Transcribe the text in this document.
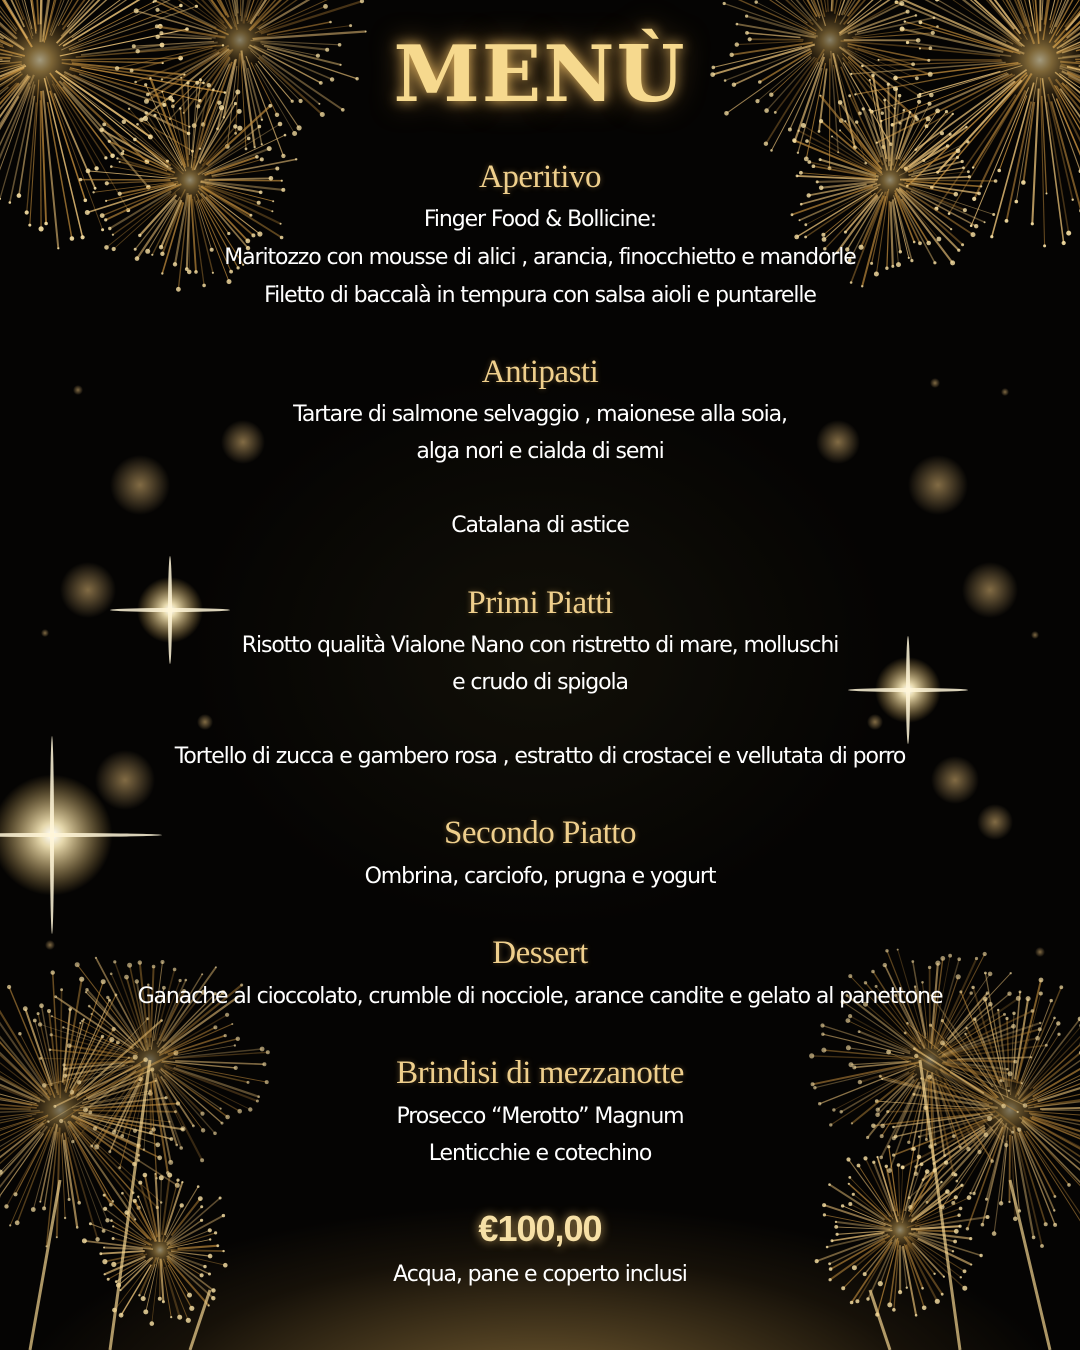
MENÙ
Aperitivo
Finger Food & Bollicine:
Maritozzo con mousse di alici , arancia, finocchietto e mandorle
Filetto di baccalà in tempura con salsa aioli e puntarelle
Antipasti
Tartare di salmone selvaggio , maionese alla soia,
alga nori e cialda di semi
Catalana di astice
Primi Piatti
Risotto qualità Vialone Nano con ristretto di mare, molluschi
e crudo di spigola
Tortello di zucca e gambero rosa , estratto di crostacei e vellutata di porro
Secondo Piatto
Ombrina, carciofo, prugna e yogurt
Dessert
Ganache al cioccolato, crumble di nocciole, arance candite e gelato al panettone
Brindisi di mezzanotte
Prosecco “Merotto” Magnum
Lenticchie e cotechino
€100,00
Acqua, pane e coperto inclusi
